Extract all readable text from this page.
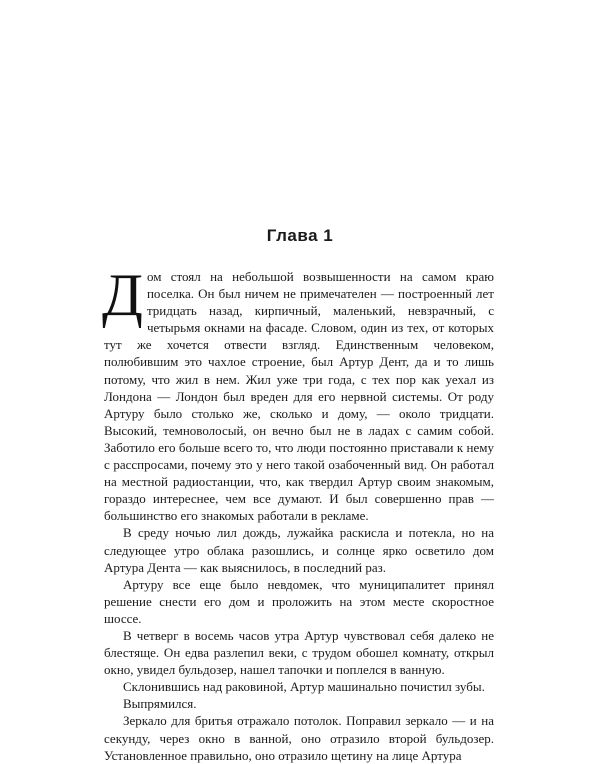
Глава 1

Дом стоял на небольшой возвышенности на самом краю поселка. Он был ничем не примечателен — построенный лет тридцать назад, кирпичный, маленький, невзрачный, с четырьмя окнами на фасаде. Словом, один из тех, от которых тут же хочется отвести взгляд. Единственным человеком, полюбившим это чахлое строение, был Артур Дент, да и то лишь потому, что жил в нем. Жил уже три года, с тех пор как уехал из Лондона — Лондон был вреден для его нервной системы. От роду Артуру было столько же, сколько и дому, — около тридцати. Высокий, темноволосый, он вечно был не в ладах с самим собой. Заботило его больше всего то, что люди постоянно приставали к нему с расспросами, почему это у него такой озабоченный вид. Он работал на местной радиостанции, что, как твердил Артур своим знакомым, гораздо интереснее, чем все думают. И был совершенно прав — большинство его знакомых работали в рекламе.

В среду ночью лил дождь, лужайка раскисла и потекла, но на следующее утро облака разошлись, и солнце ярко осветило дом Артура Дента — как выяснилось, в последний раз.

Артуру все еще было невдомек, что муниципалитет принял решение снести его дом и проложить на этом месте скоростное шоссе.

В четверг в восемь часов утра Артур чувствовал себя далеко не блестяще. Он едва разлепил веки, с трудом обошел комнату, открыл окно, увидел бульдозер, нашел тапочки и поплелся в ванную.

Склонившись над раковиной, Артур машинально почистил зубы.

Выпрямился.

Зеркало для бритья отражало потолок. Поправил зеркало — и на секунду, через окно в ванной, оно отразило второй бульдозер. Установленное правильно, оно отразило щетину на лице Артура
